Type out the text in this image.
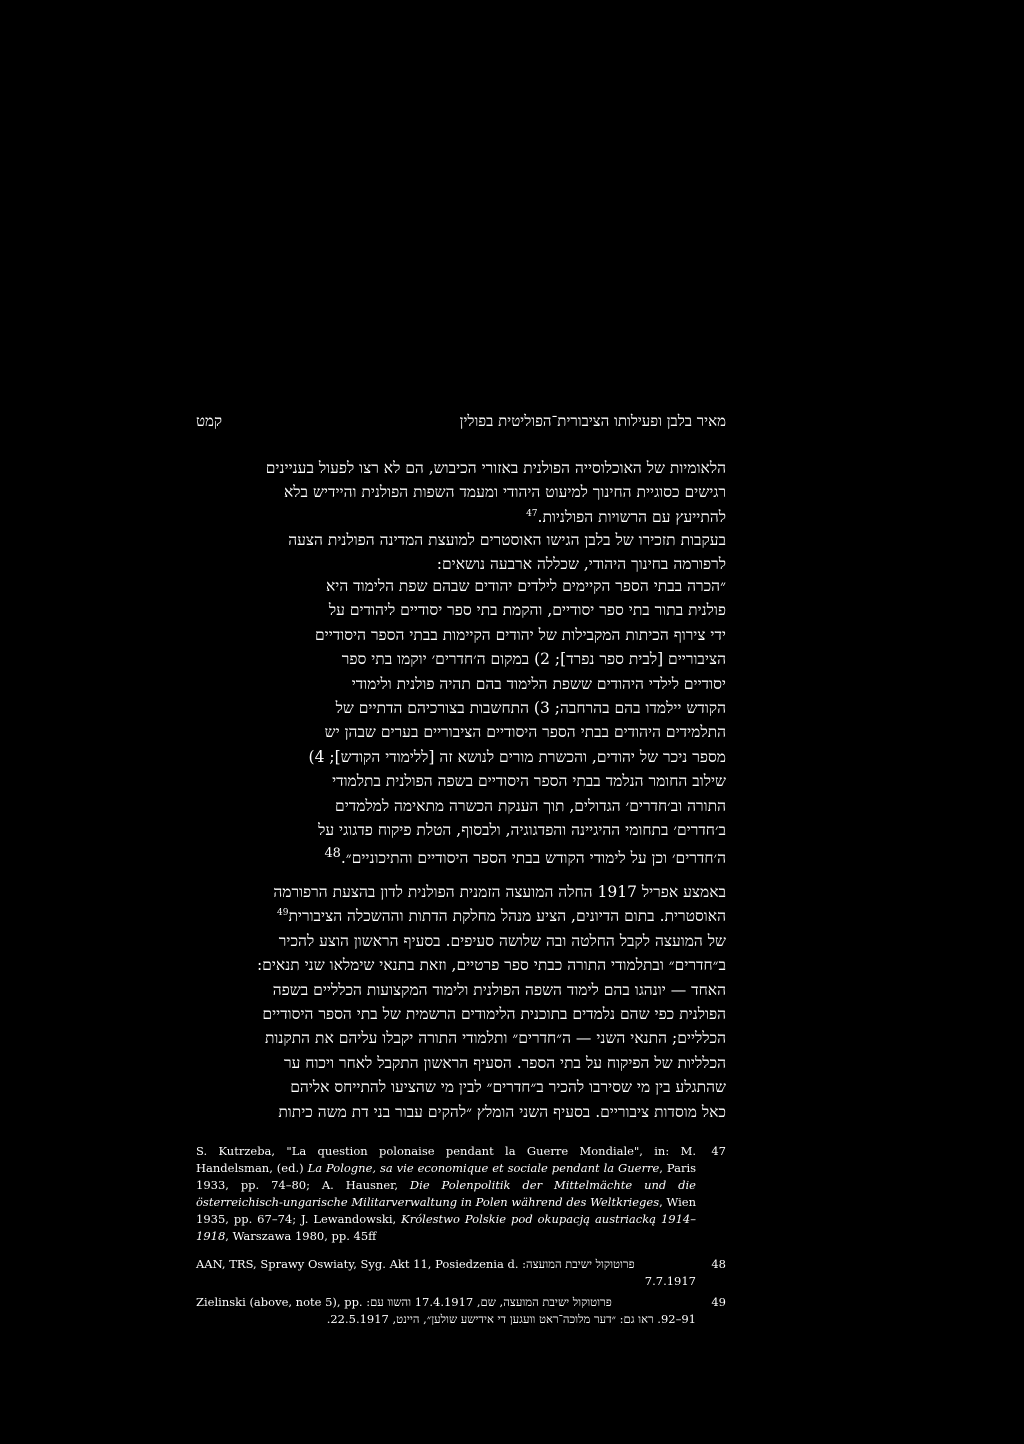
קמט	מאיר בלבן ופעילותו הציבורית־הפוליטית בפולין
הלאומיות של האוכלוסייה הפולנית באזורי הכיבוש, הם לא רצו לפעול בעניינים
רגישים כסוגיית החינוך למיעוט היהודי ומעמד השפות הפולנית והיידיש בלא
להתייעץ עם הרשויות הפולניות.$^{47}$
בעקבות תזכירו של בלבן הגישו האוסטרים למועצת המדינה הפולנית הצעה
לרפורמה בחינוך היהודי, שכללה ארבעה נושאים:
״הכרה בבתי הספר הקיימים לילדים יהודים שבהם שפת הלימוד היא
פולנית בתור בתי ספר יסודיים, והקמת בתי ספר יסודיים ליהודים על
ידי צירוף הכיתות המקבילות של יהודים הקיימות בבתי הספר היסודיים
הציבוריים [לבית ספר נפרד]; 2) במקום ה׳חדרים׳ יוקמו בתי ספר
יסודיים לילדי היהודים ששפת הלימוד בהם תהיה פולנית ולימודי
הקודש יילמדו בהם בהרחבה; 3) התחשבות בצורכיהם הדתיים של
התלמידים היהודים בבתי הספר היסודיים הציבוריים בערים שבהן יש
מספר ניכר של יהודים, והכשרת מורים לנושא זה [ללימודי הקודש]; 4)
שילוב החומר הנלמד בבתי הספר היסודיים בשפה הפולנית בתלמודי
התורה וב׳חדרים׳ הגדולים, תוך הענקת הכשרה מתאימה למלמדים
ב׳חדרים׳ בתחומי ההיגיינה והפדגוגיה, ולבסוף, הטלת פיקוח פדגוגי על
ה׳חדרים׳ וכן על לימודי הקודש בבתי הספר היסודיים והתיכוניים״.$^{48}$
באמצע אפריל 1917 החלה המועצה הזמנית הפולנית לדון בהצעת הרפורמה
האוסטרית. בתום הדיונים, הציע מנהל מחלקת הדתות וההשכלה הציבורית$^{49}$
של המועצה לקבל החלטה ובה שלושה סעיפים. בסעיף הראשון הוצע להכיר
ב״חדרים״ ובתלמודי התורה כבתי ספר פרטיים, וזאת בתנאי שימלאו שני תנאים:
האחד — יונהגו בהם לימוד השפה הפולנית ולימוד המקצועות הכלליים בשפה
הפולנית כפי שהם נלמדים בתוכנית הלימודים הרשמית של בתי הספר היסודיים
הכלליים; התנאי השני — ה״חדרים״ ותלמודי התורה יקבלו עליהם את התקנות
הכלליות של הפיקוח על בתי הספר. הסעיף הראשון התקבל לאחר ויכוח ער
שהתגלע בין מי שסירבו להכיר ב״חדרים״ לבין מי שהציעו להתייחס אליהם
כאל מוסדות ציבוריים. בסעיף השני הומלץ ״להקים עבור בני דת משה כיתות
47
S. Kutrzeba, "La question polonaise pendant la Guerre Mondiale", in: M. Handelsman, (ed.) La Pologne, sa vie economique et sociale pendant la Guerre, Paris 1933, pp. 74–80; A. Hausner, Die Polenpolitik der Mittelmächte und die österreichisch-ungarische Militarverwaltung in Polen während des Weltkrieges, Wien 1935, pp. 67–74; J. Lewandowski, Królestwo Polskie pod okupacją austriacką 1914–1918, Warszawa 1980, pp. 45ff
48
AAN, TRS, Sprawy Oswiaty, Syg. Akt 11, Posiedzenia d. :פרוטוקול ישיבת המועצה
7.7.1917
49
Zielinski (above, note 5), pp. :פרוטוקול ישיבת המועצה, שם, 17.4.1917 והשוו עם
91–92. ראו גם: ״דער מלוכה־ראט וועגען די אידישע שולען״, היינט, 22.5.1917.
